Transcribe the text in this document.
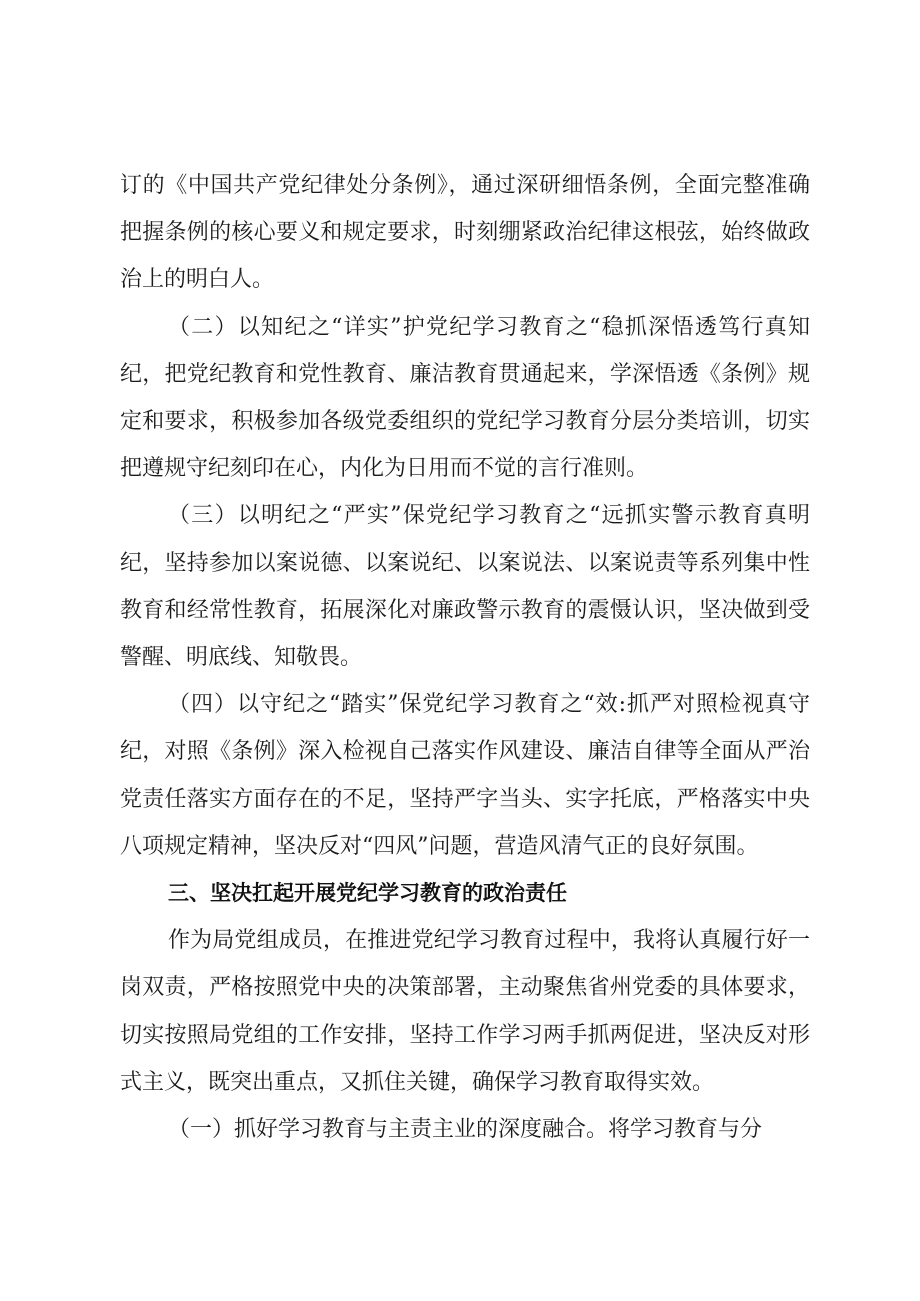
订的《中国共产党纪律处分条例》，通过深研细悟条例，全面完整准确把握条例的核心要义和规定要求，时刻绷紧政治纪律这根弦，始终做政治上的明白人。

（二）以知纪之“详实”护党纪学习教育之“稳抓深悟透笃行真知纪，把党纪教育和党性教育、廉洁教育贯通起来，学深悟透《条例》规定和要求，积极参加各级党委组织的党纪学习教育分层分类培训，切实把遵规守纪刻印在心，内化为日用而不觉的言行准则。

（三）以明纪之“严实”保党纪学习教育之“远抓实警示教育真明纪，坚持参加以案说德、以案说纪、以案说法、以案说责等系列集中性教育和经常性教育，拓展深化对廉政警示教育的震慑认识，坚决做到受警醒、明底线、知敬畏。

（四）以守纪之“踏实”保党纪学习教育之“效:抓严对照检视真守纪，对照《条例》深入检视自己落实作风建设、廉洁自律等全面从严治党责任落实方面存在的不足，坚持严字当头、实字托底，严格落实中央八项规定精神，坚决反对“四风”问题，营造风清气正的良好氛围。

三、坚决扛起开展党纪学习教育的政治责任

作为局党组成员，在推进党纪学习教育过程中，我将认真履行好一岗双责，严格按照党中央的决策部署，主动聚焦省州党委的具体要求，切实按照局党组的工作安排，坚持工作学习两手抓两促进，坚决反对形式主义，既突出重点，又抓住关键，确保学习教育取得实效。

（一）抓好学习教育与主责主业的深度融合。将学习教育与分
